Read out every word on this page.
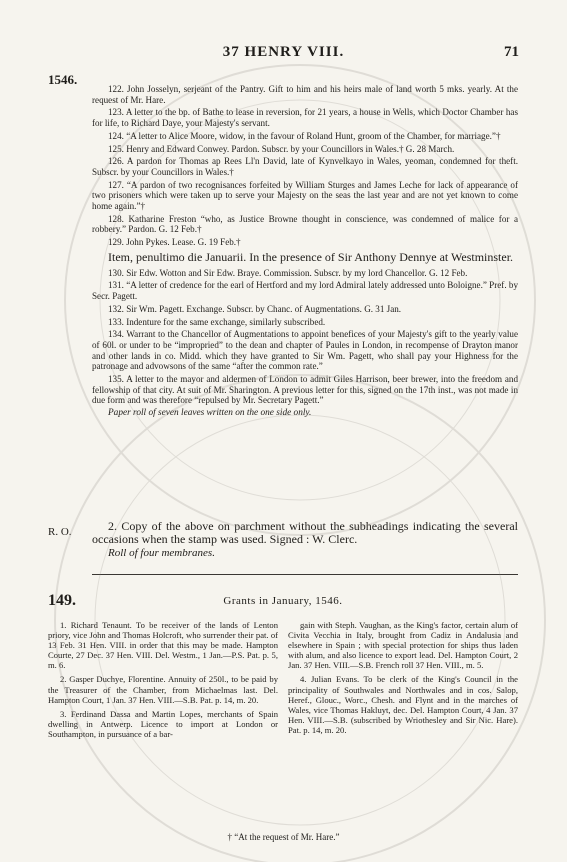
37 HENRY VIII.	71
1546.
122. John Josselyn, serjeant of the Pantry. Gift to him and his heirs male of land worth 5 mks. yearly. At the request of Mr. Hare.
123. A letter to the bp. of Bathe to lease in reversion, for 21 years, a house in Wells, which Doctor Chamber has for life, to Richard Daye, your Majesty's servant.
124. “A letter to Alice Moore, widow, in the favour of Roland Hunt, groom of the Chamber, for marriage.”†
125. Henry and Edward Conwey. Pardon. Subscr. by your Councillors in Wales.† G. 28 March.
126. A pardon for Thomas ap Rees Ll'n David, late of Kynvelkayo in Wales, yeoman, condemned for theft. Subscr. by your Councillors in Wales.†
127. “A pardon of two recognisances forfeited by William Sturges and James Leche for lack of appearance of two prisoners which were taken up to serve your Majesty on the seas the last year and are not yet known to come home again.”†
128. Katharine Freston “who, as Justice Browne thought in conscience, was condemned of malice for a robbery.” Pardon. G. 12 Feb.†
129. John Pykes. Lease. G. 19 Feb.†
Item, penultimo die Januarii. In the presence of Sir Anthony Dennye at Westminster.
130. Sir Edw. Wotton and Sir Edw. Braye. Commission. Subscr. by my lord Chancellor. G. 12 Feb.
131. “A letter of credence for the earl of Hertford and my lord Admiral lately addressed unto Boloigne.” Pref. by Secr. Pagett.
132. Sir Wm. Pagett. Exchange. Subscr. by Chanc. of Augmentations. G. 31 Jan.
133. Indenture for the same exchange, similarly subscribed.
134. Warrant to the Chancellor of Augmentations to appoint benefices of your Majesty's gift to the yearly value of 60l. or under to be “impropried” to the dean and chapter of Paules in London, in recompense of Drayton manor and other lands in co. Midd. which they have granted to Sir Wm. Pagett, who shall pay your Highness for the patronage and advowsons of the same “after the common rate.”
135. A letter to the mayor and aldermen of London to admit Giles Harrison, beer brewer, into the freedom and fellowship of that city. At suit of Mr. Sharington. A previous letter for this, signed on the 17th inst., was not made in due form and was therefore “repulsed by Mr. Secretary Pagett.”
Paper roll of seven leaves written on the one side only.
R. O.	2. Copy of the above on parchment without the subheadings indicating the several occasions when the stamp was used. Signed : W. Clerc.

Roll of four membranes.

149.	Grants in January, 1546.

1. Richard Tenaunt. To be receiver of the lands of Lenton priory, vice John and Thomas Holcroft, who surrender their pat. of 13 Feb. 31 Hen. VIII. in order that this may be made. Hampton Courte, 27 Dec. 37 Hen. VIII. Del. Westm., 1 Jan.—P.S. Pat. p. 5, m. 6.

2. Gasper Duchye, Florentine. Annuity of 250l., to be paid by the Treasurer of the Chamber, from Michaelmas last. Del. Hampton Court, 1 Jan. 37 Hen. VIII.—S.B. Pat. p. 14, m. 20.

3. Ferdinand Dassa and Martin Lopes, merchants of Spain dwelling in Antwerp. Licence to import at London or Southampton, in pursuance of a bar-

gain with Steph. Vaughan, as the King's factor, certain alum of Civita Vecchia in Italy, brought from Cadiz in Andalusia and elsewhere in Spain ; with special protection for ships thus laden with alum, and also licence to export lead. Del. Hampton Court, 2 Jan. 37 Hen. VIII.—S.B. French roll 37 Hen. VIII., m. 5.

4. Julian Evans. To be clerk of the King's Council in the principality of Southwales and Northwales and in cos. Salop, Heref., Glouc., Worc., Chesh. and Flynt and in the marches of Wales, vice Thomas Hakluyt, dec. Del. Hampton Court, 4 Jan. 37 Hen. VIII.—S.B. (subscribed by Wriothesley and Sir Nic. Hare). Pat. p. 14, m. 20.

† “At the request of Mr. Hare.”
